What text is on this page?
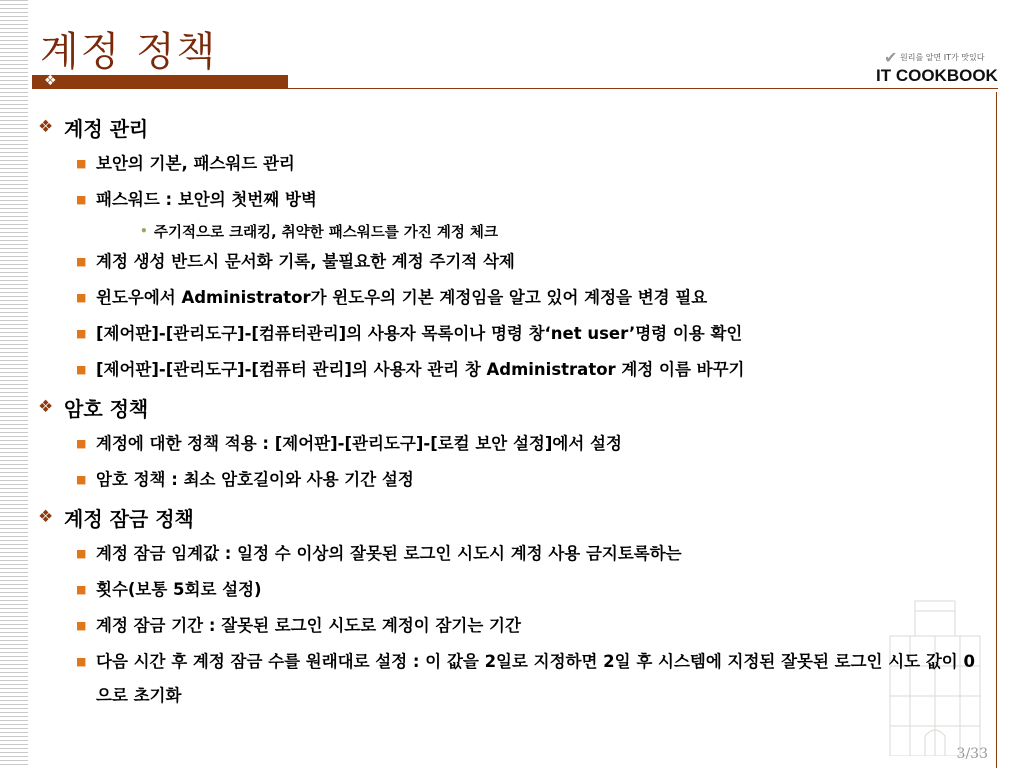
계정 정책
❖
✔ 원리를 알면 IT가 맛있다
IT COOKBOOK
❖ 계정 관리
■ 보안의 기본, 패스워드 관리
■ 패스워드 : 보안의 첫번째 방벽
• 주기적으로 크래킹, 취약한 패스워드를 가진 계정 체크
■ 계정 생성 반드시 문서화 기록, 불필요한 계정 주기적 삭제
■ 윈도우에서 Administrator가 윈도우의 기본 계정임을 알고 있어 계정을 변경 필요
■ [제어판]-[관리도구]-[컴퓨터관리]의 사용자 목록이나 명령 창‘net user’명령 이용 확인
■ [제어판]-[관리도구]-[컴퓨터 관리]의 사용자 관리 창 Administrator 계정 이름 바꾸기
❖ 암호 정책
■ 계정에 대한 정책 적용 : [제어판]-[관리도구]-[로컬 보안 설정]에서 설정
■ 암호 정책 : 최소 암호길이와 사용 기간 설정
❖ 계정 잠금 정책
■ 계정 잠금 임계값 : 일정 수 이상의 잘못된 로그인 시도시 계정 사용 금지토록하는
■ 횟수(보통 5회로 설정)
■ 계정 잠금 기간 : 잘못된 로그인 시도로 계정이 잠기는 기간
■ 다음 시간 후 계정 잠금 수를 원래대로 설정 : 이 값을 2일로 지정하면 2일 후 시스템에 지정된 잘못된 로그인 시도 값이 0으로 초기화
3/33
